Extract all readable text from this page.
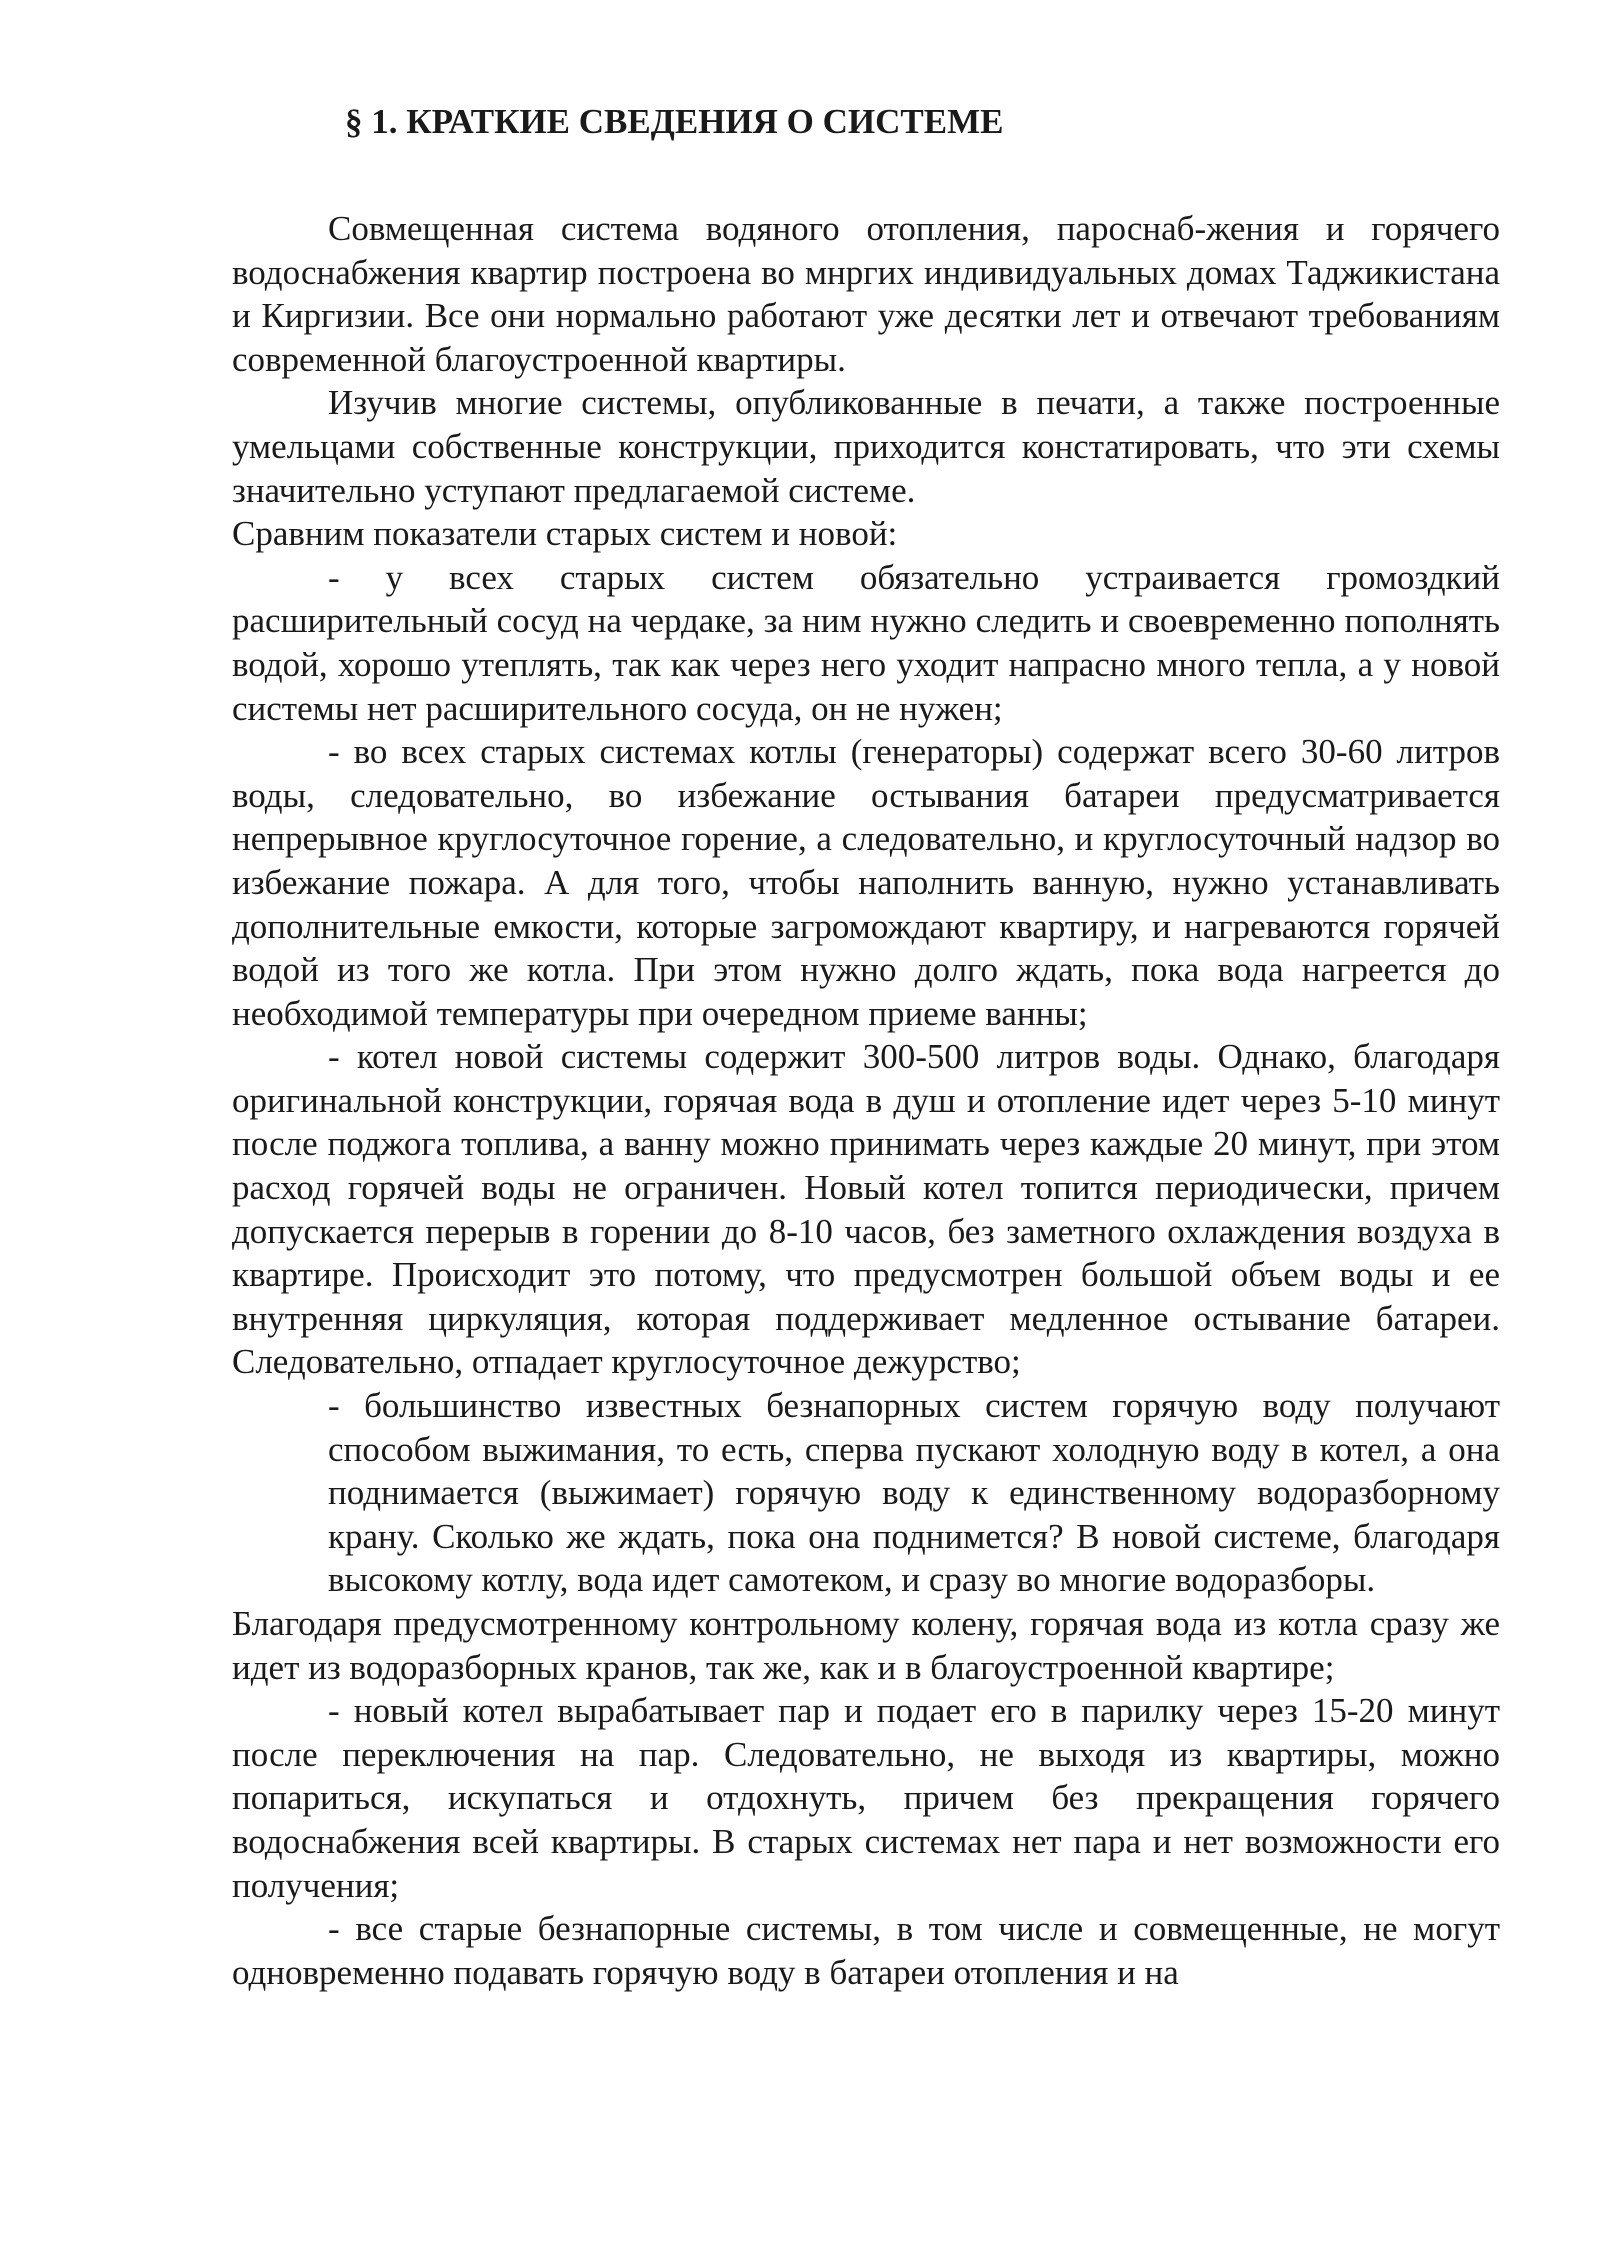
§ 1. КРАТКИЕ СВЕДЕНИЯ О СИСТЕМЕ

Совмещенная система водяного отопления, пароснаб-жения и горячего водоснабжения квартир построена во мнргих индивидуальных домах Таджикистана и Киргизии. Все они нормально работают уже десятки лет и отвечают требованиям современной благоустроенной квартиры.

Изучив многие системы, опубликованные в печати, а также построенные умельцами собственные конструкции, приходится констатировать, что эти схемы значительно уступают предлагаемой системе.

Сравним показатели старых систем и новой:

- у всех старых систем обязательно устраивается громоздкий расширительный сосуд на чердаке, за ним нужно следить и своевременно пополнять водой, хорошо утеплять, так как через него уходит напрасно много тепла, а у новой системы нет расширительного сосуда, он не нужен;

- во всех старых системах котлы (генераторы) содержат всего 30-60 литров воды, следовательно, во избежание остывания батареи предусматривается непрерывное круглосуточное горение, а следовательно, и круглосуточный надзор во избежание пожара. А для того, чтобы наполнить ванную, нужно устанавливать дополнительные емкости, которые загромождают квартиру, и нагреваются горячей водой из того же котла. При этом нужно долго ждать, пока вода нагреется до необходимой температуры при очередном приеме ванны;

- котел новой системы содержит 300-500 литров воды. Однако, благодаря оригинальной конструкции, горячая вода в душ и отопление идет через 5-10 минут после поджога топлива, а ванну можно принимать через каждые 20 минут, при этом расход горячей воды не ограничен. Новый котел топится периодически, причем допускается перерыв в горении до 8-10 часов, без заметного охлаждения воздуха в квартире. Происходит это потому, что предусмотрен большой объем воды и ее внутренняя циркуляция, которая поддерживает медленное остывание батареи. Следовательно, отпадает круглосуточное дежурство;

- большинство известных безнапорных систем горячую воду получают способом выжимания, то есть, сперва пускают холодную воду в котел, а она поднимается (выжимает) горячую воду к единственному водоразборному крану. Сколько же ждать, пока она поднимется? В новой системе, благодаря высокому котлу, вода идет самотеком, и сразу во многие водоразборы.

Благодаря предусмотренному контрольному колену, горячая вода из котла сразу же идет из водоразборных кранов, так же, как и в благоустроенной квартире;

- новый котел вырабатывает пар и подает его в парилку через 15-20 минут после переключения на пар. Следовательно, не выходя из квартиры, можно попариться, искупаться и отдохнуть, причем без прекращения горячего водоснабжения всей квартиры. В старых системах нет пара и нет возможности его получения;

- все старые безнапорные системы, в том числе и совмещенные, не могут одновременно подавать горячую воду в батареи отопления и на
